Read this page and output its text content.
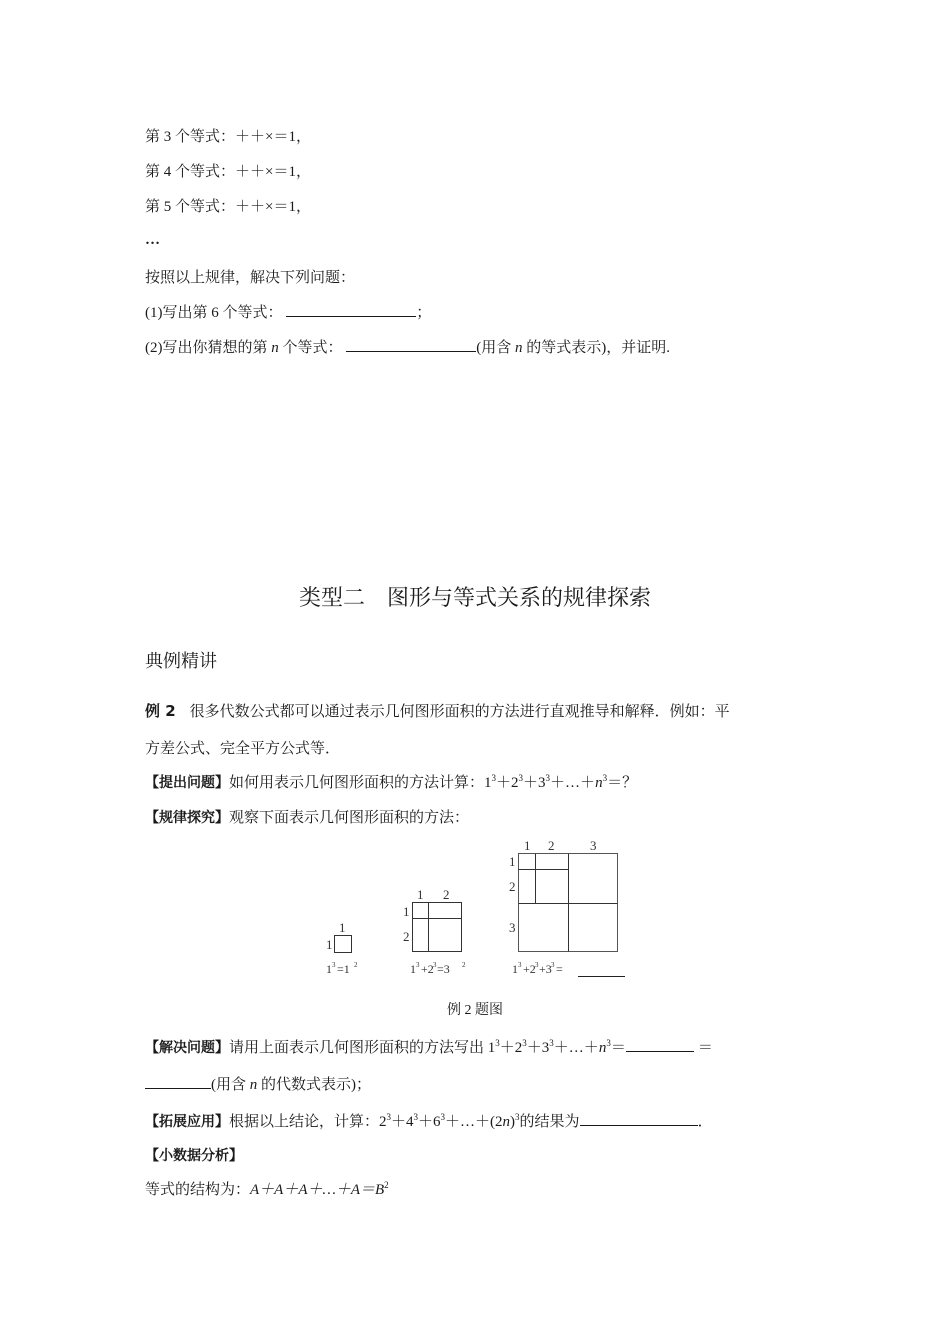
第 3 个等式：＋＋×＝1，
第 4 个等式：＋＋×＝1，
第 5 个等式：＋＋×＝1，
…
按照以上规律，解决下列问题：
(1)写出第 6 个等式：	；
(2)写出你猜想的第 n 个等式：	(用含 n 的等式表示)，并证明.
类型二　图形与等式关系的规律探索
典例精讲
例 2 很多代数公式都可以通过表示几何图形面积的方法进行直观推导和解释．例如：平
方差公式、完全平方公式等．
【提出问题】如何用表示几何图形面积的方法计算：$1^3+2^3+3^3+\dots+n^3=$？
【规律探究】观察下面表示几何图形面积的方法：
1
1
1 3 =1 2
1 2
1
2
1 3 +2 3 =3 2
1 2	3
1
2
3
1 3 +2 3 +3 3 =
例 2 题图
【解决问题】请用上面表示几何图形面积的方法写出 $1^3+2^3+3^3+\dots+n^3=$	＝
(用含 n 的代数式表示)；
【拓展应用】根据以上结论，计算：$2^3+4^3+6^3+\dots+(2n)^3$的结果为	．
【小数据分析】
等式的结构为：$A+A+A+\dots+A=B^2$
